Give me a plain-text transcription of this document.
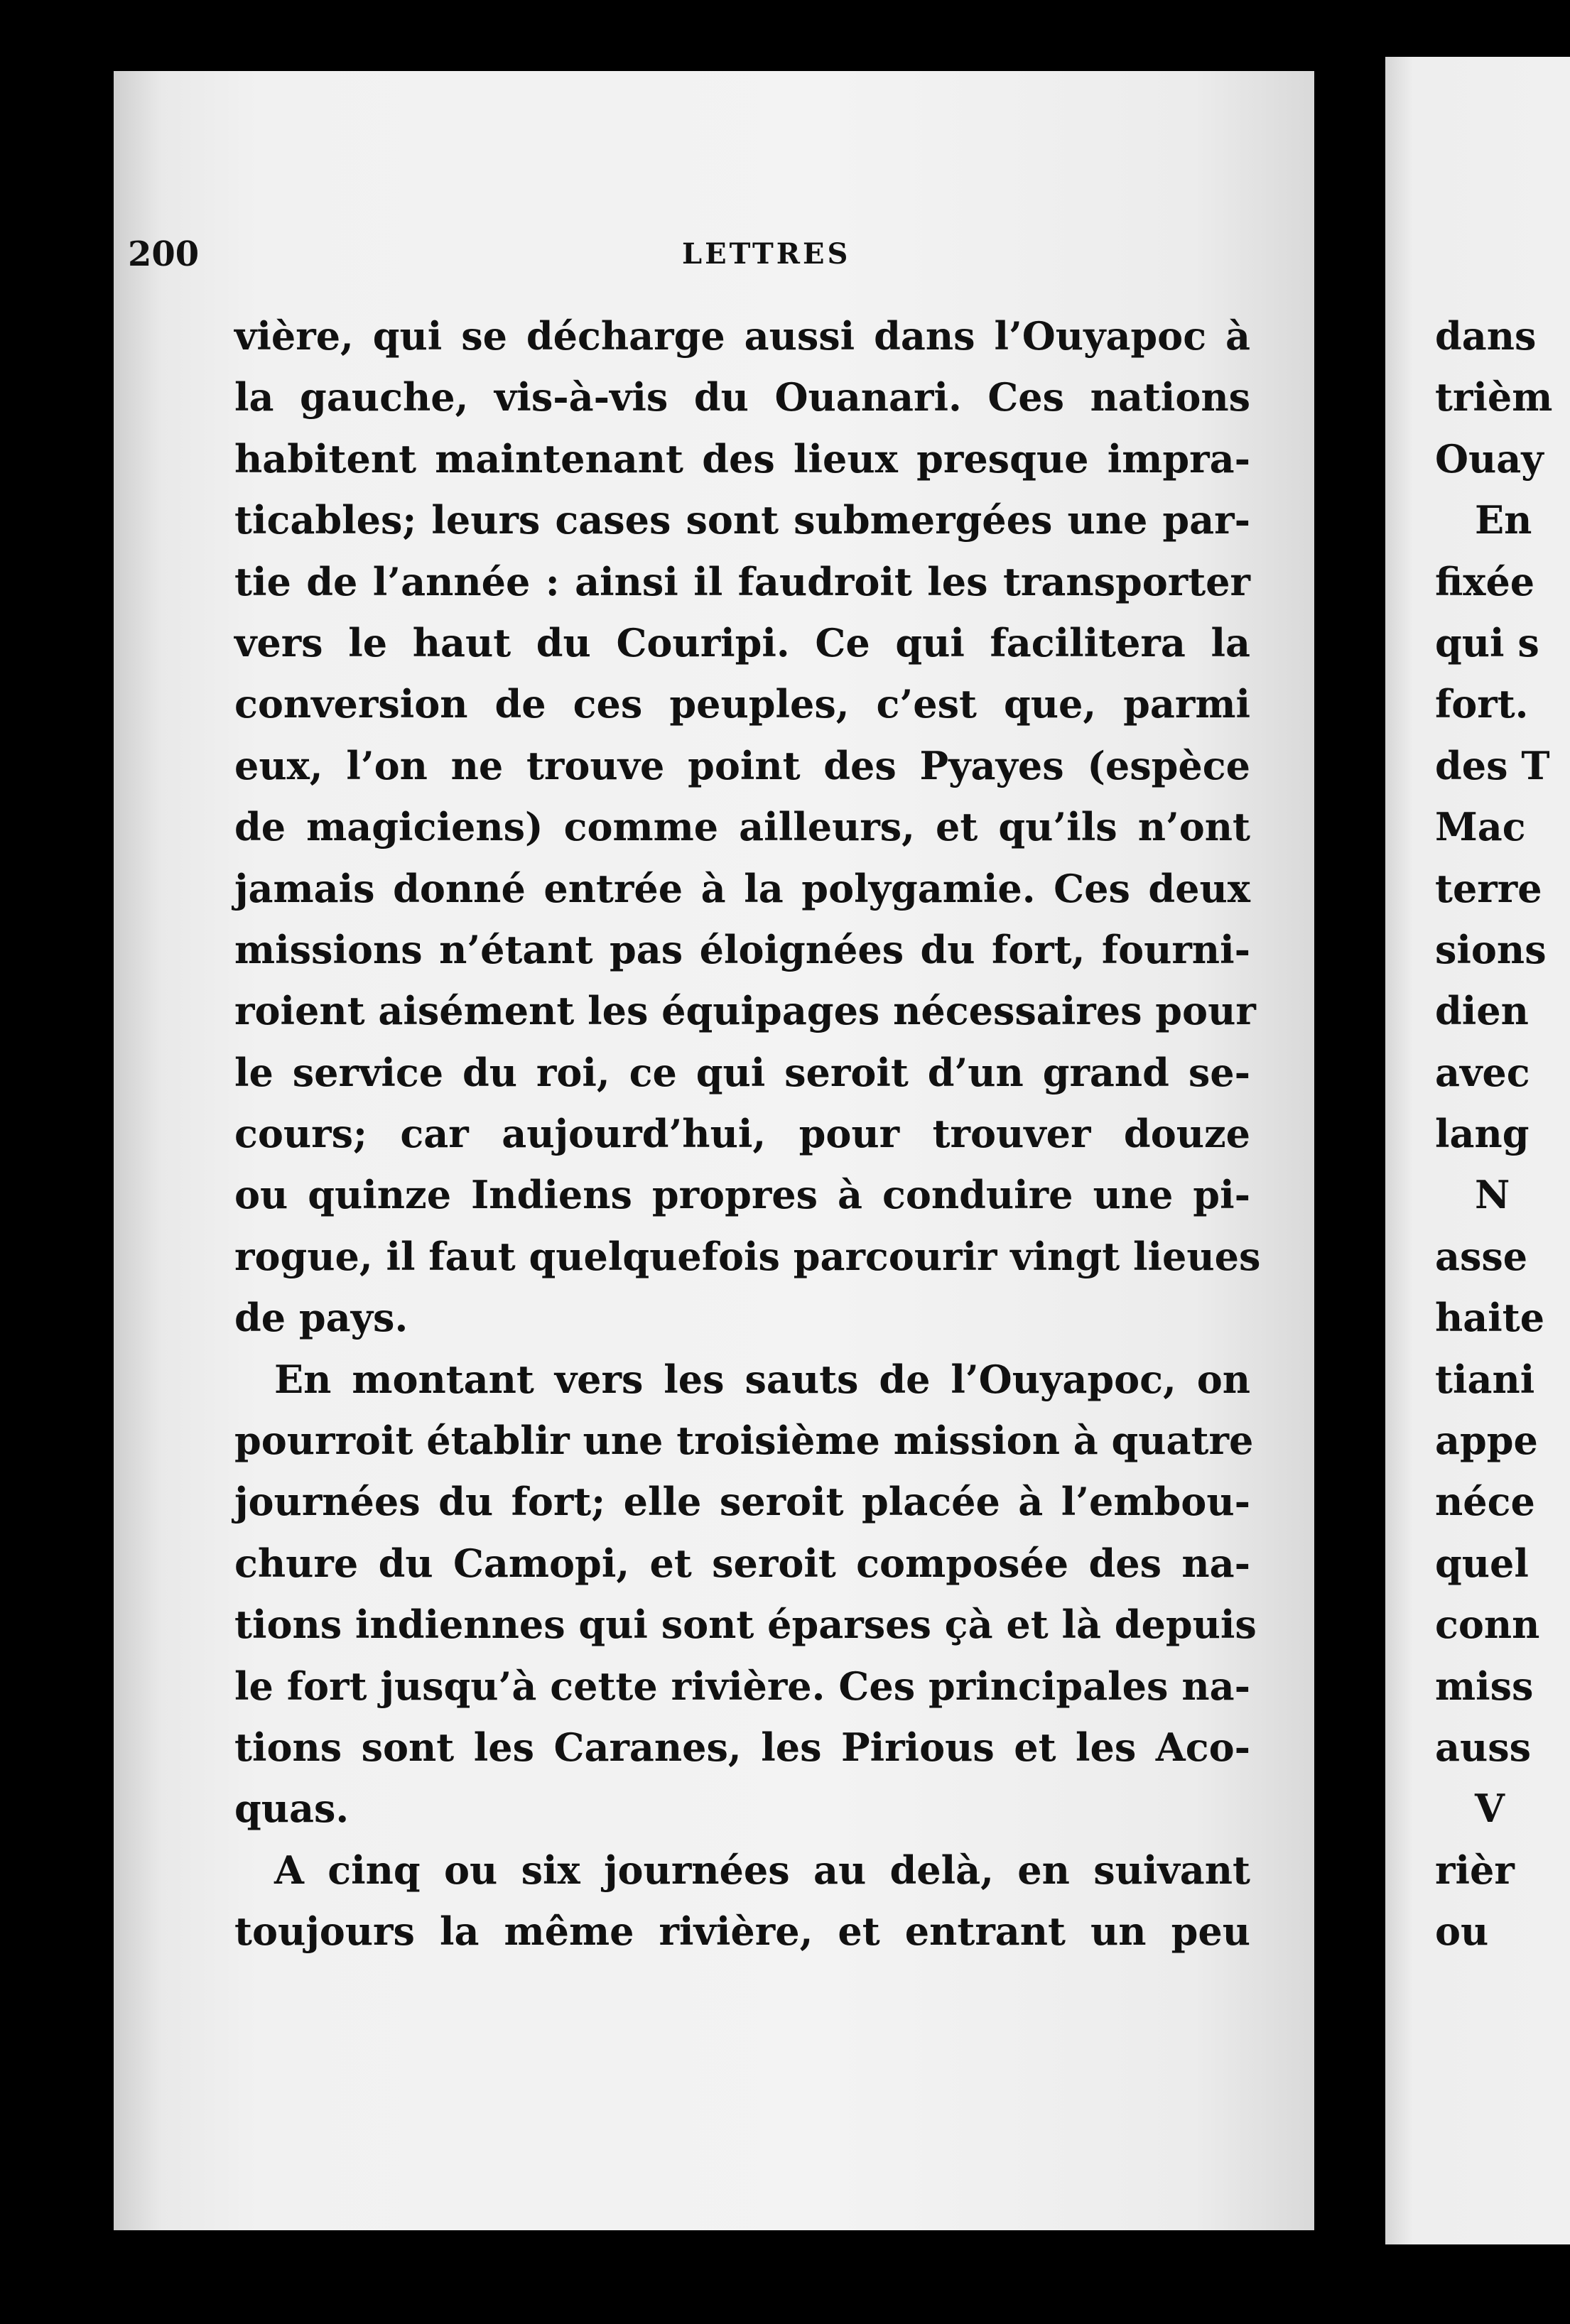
200	LETTRES
vière, qui se décharge aussi dans l’Ouyapoc à
la gauche, vis-à-vis du Ouanari. Ces nations
habitent maintenant des lieux presque impra-
ticables; leurs cases sont submergées une par-
tie de l’année : ainsi il faudroit les transporter
vers le haut du Couripi. Ce qui facilitera la
conversion de ces peuples, c’est que, parmi
eux, l’on ne trouve point des Pyayes (espèce
de magiciens) comme ailleurs, et qu’ils n’ont
jamais donné entrée à la polygamie. Ces deux
missions n’étant pas éloignées du fort, fourni-
roient aisément les équipages nécessaires pour
le service du roi, ce qui seroit d’un grand se-
cours; car aujourd’hui, pour trouver douze
ou quinze Indiens propres à conduire une pi-
rogue, il faut quelquefois parcourir vingt lieues
de pays.
En montant vers les sauts de l’Ouyapoc, on
pourroit établir une troisième mission à quatre
journées du fort; elle seroit placée à l’embou-
chure du Camopi, et seroit composée des na-
tions indiennes qui sont éparses çà et là depuis
le fort jusqu’à cette rivière. Ces principales na-
tions sont les Caranes, les Pirious et les Aco-
quas.
A cinq ou six journées au delà, en suivant
toujours la même rivière, et entrant un peu
dans
trièm
Ouay
En
fixée
qui s
fort.
des T
Mac
terre
sions
dien
avec
lang
N
asse
haite
tiani
appe
néce
quel
conn
miss
auss
V
rièr
ou
